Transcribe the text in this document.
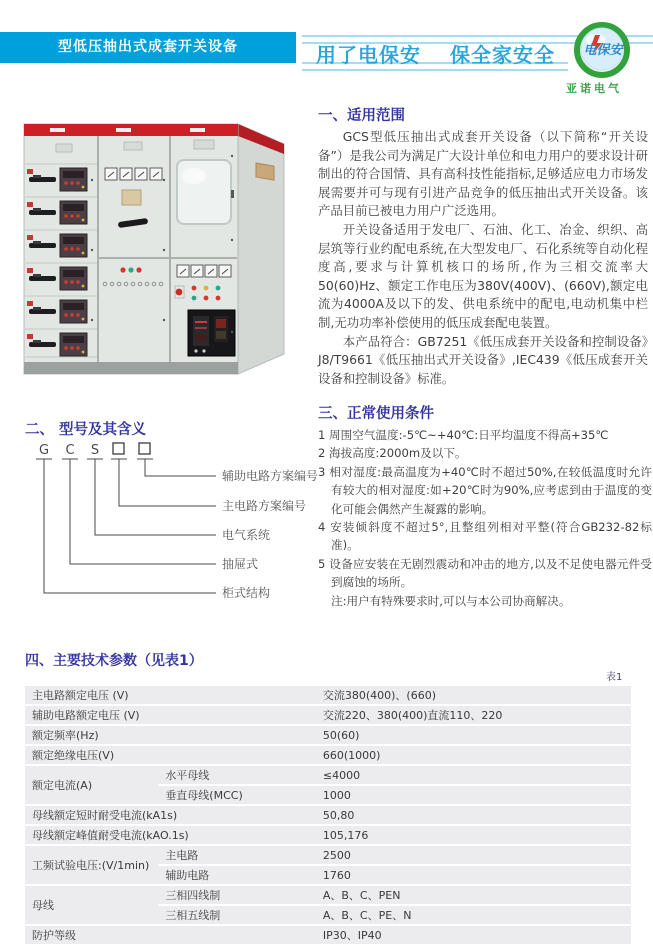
型低压抽出式成套开关设备	用了电保安　 保全家安全	电保安
亚诺电气
一、适用范围

GCS型低压抽出式成套开关设备（以下简称“开关设备”）是我公司为满足广大设计单位和电力用户的要求设计研制出的符合国情、具有高科技性能指标,足够适应电力市场发展需要并可与现有引进产品竞争的低压抽出式开关设备。该产品目前已被电力用户广泛选用。

开关设备适用于发电厂、石油、化工、冶金、织织、高层筑等行业约配电系统,在大型发电厂、石化系统等自动化程度高,要求与计算机核口的场所,作为三相交流率大50(60)Hz、额定工作电压为380V(400V)、(660V),额定电流为4000A及以下的发、供电系统中的配电,电动机集中栏制,无功功率补偿使用的低压成套配电装置。

本产品符合：GB7251《低压成套开关设备和控制设备》J8/T9661《低压抽出式开关设备》,IEC439《低压成套开关设备和控制设备》标准。

二、 型号及其含义
G C S
辅助电路方案编号
主电路方案编号
电气系统
抽屉式
柜式结构
三、正常使用条件
1 周围空气温度:-5℃~+40℃:日平均温度不得高+35℃
2 海拔高度:2000m及以下。
3 相对湿度:最高温度为+40℃时不超过50%,在较低温度时允许有较大的相对湿度:如+20℃时为90%,应考虑到由于温度的变化可能会偶然产生凝露的影响。
4 安装倾斜度不超过5°,且整组列相对平整(符合GB232-82标准)。
5 设备应安装在无剧烈震动和冲击的地方,以及不足使电器元件受到腐蚀的场所。
注:用户有特殊要求时,可以与本公司协商解决。
四、主要技术参数（见表1）
表1
主电路额定电压 (V)		交流380(400)、(660)
辅助电路额定电压 (V)		交流220、380(400)直流110、220
额定频率(Hz)		50(60)
额定绝缘电压(V)		660(1000)
额定电流(A)	水平母线	≤4000
	垂直母线(MCC)	1000
母线额定短时耐受电流(kA1s)		50,80
母线额定峰值耐受电流(kAO.1s)		105,176
工频试验电压:(V/1min)	主电路	2500
	辅助电路	1760
母线	三相四线制	A、B、C、PEN
	三相五线制	A、B、C、PE、N
防护等级		IP30、IP40
